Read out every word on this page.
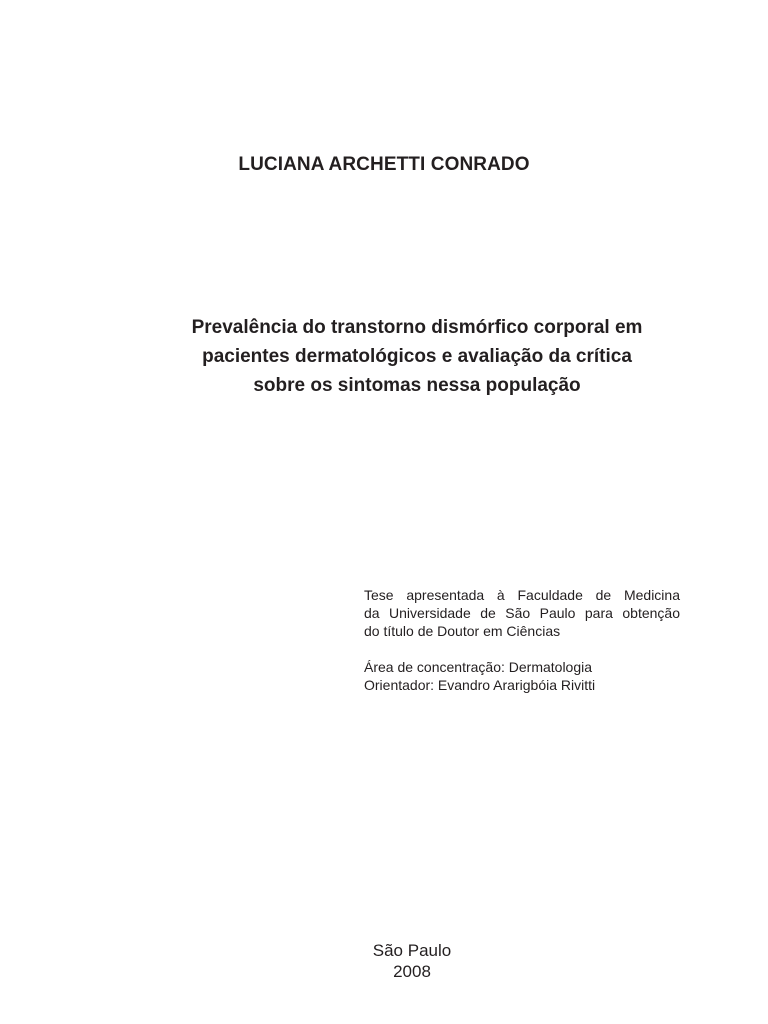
LUCIANA ARCHETTI CONRADO
Prevalência do transtorno dismórfico corporal em
pacientes dermatológicos e avaliação da crítica
sobre os sintomas nessa população
Tese apresentada à Faculdade de Medicina
da Universidade de São Paulo para obtenção
do título de Doutor em Ciências
Área de concentração: Dermatologia
Orientador: Evandro Ararigbóia Rivitti
São Paulo
2008
